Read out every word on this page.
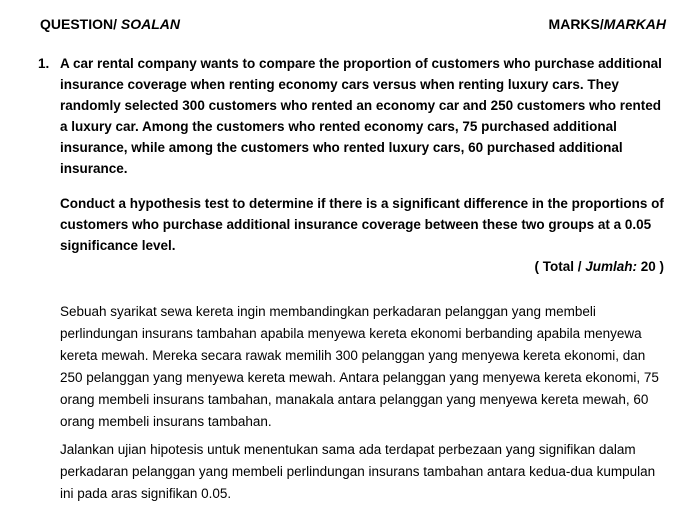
QUESTION/ SOALAN	MARKS/MARKAH
1. A car rental company wants to compare the proportion of customers who purchase additional insurance coverage when renting economy cars versus when renting luxury cars. They randomly selected 300 customers who rented an economy car and 250 customers who rented a luxury car. Among the customers who rented economy cars, 75 purchased additional insurance, while among the customers who rented luxury cars, 60 purchased additional insurance.
Conduct a hypothesis test to determine if there is a significant difference in the proportions of customers who purchase additional insurance coverage between these two groups at a 0.05 significance level.
( Total / Jumlah: 20 )
Sebuah syarikat sewa kereta ingin membandingkan perkadaran pelanggan yang membeli perlindungan insurans tambahan apabila menyewa kereta ekonomi berbanding apabila menyewa kereta mewah. Mereka secara rawak memilih 300 pelanggan yang menyewa kereta ekonomi, dan 250 pelanggan yang menyewa kereta mewah. Antara pelanggan yang menyewa kereta ekonomi, 75 orang membeli insurans tambahan, manakala antara pelanggan yang menyewa kereta mewah, 60 orang membeli insurans tambahan.
Jalankan ujian hipotesis untuk menentukan sama ada terdapat perbezaan yang signifikan dalam perkadaran pelanggan yang membeli perlindungan insurans tambahan antara kedua-dua kumpulan ini pada aras signifikan 0.05.
